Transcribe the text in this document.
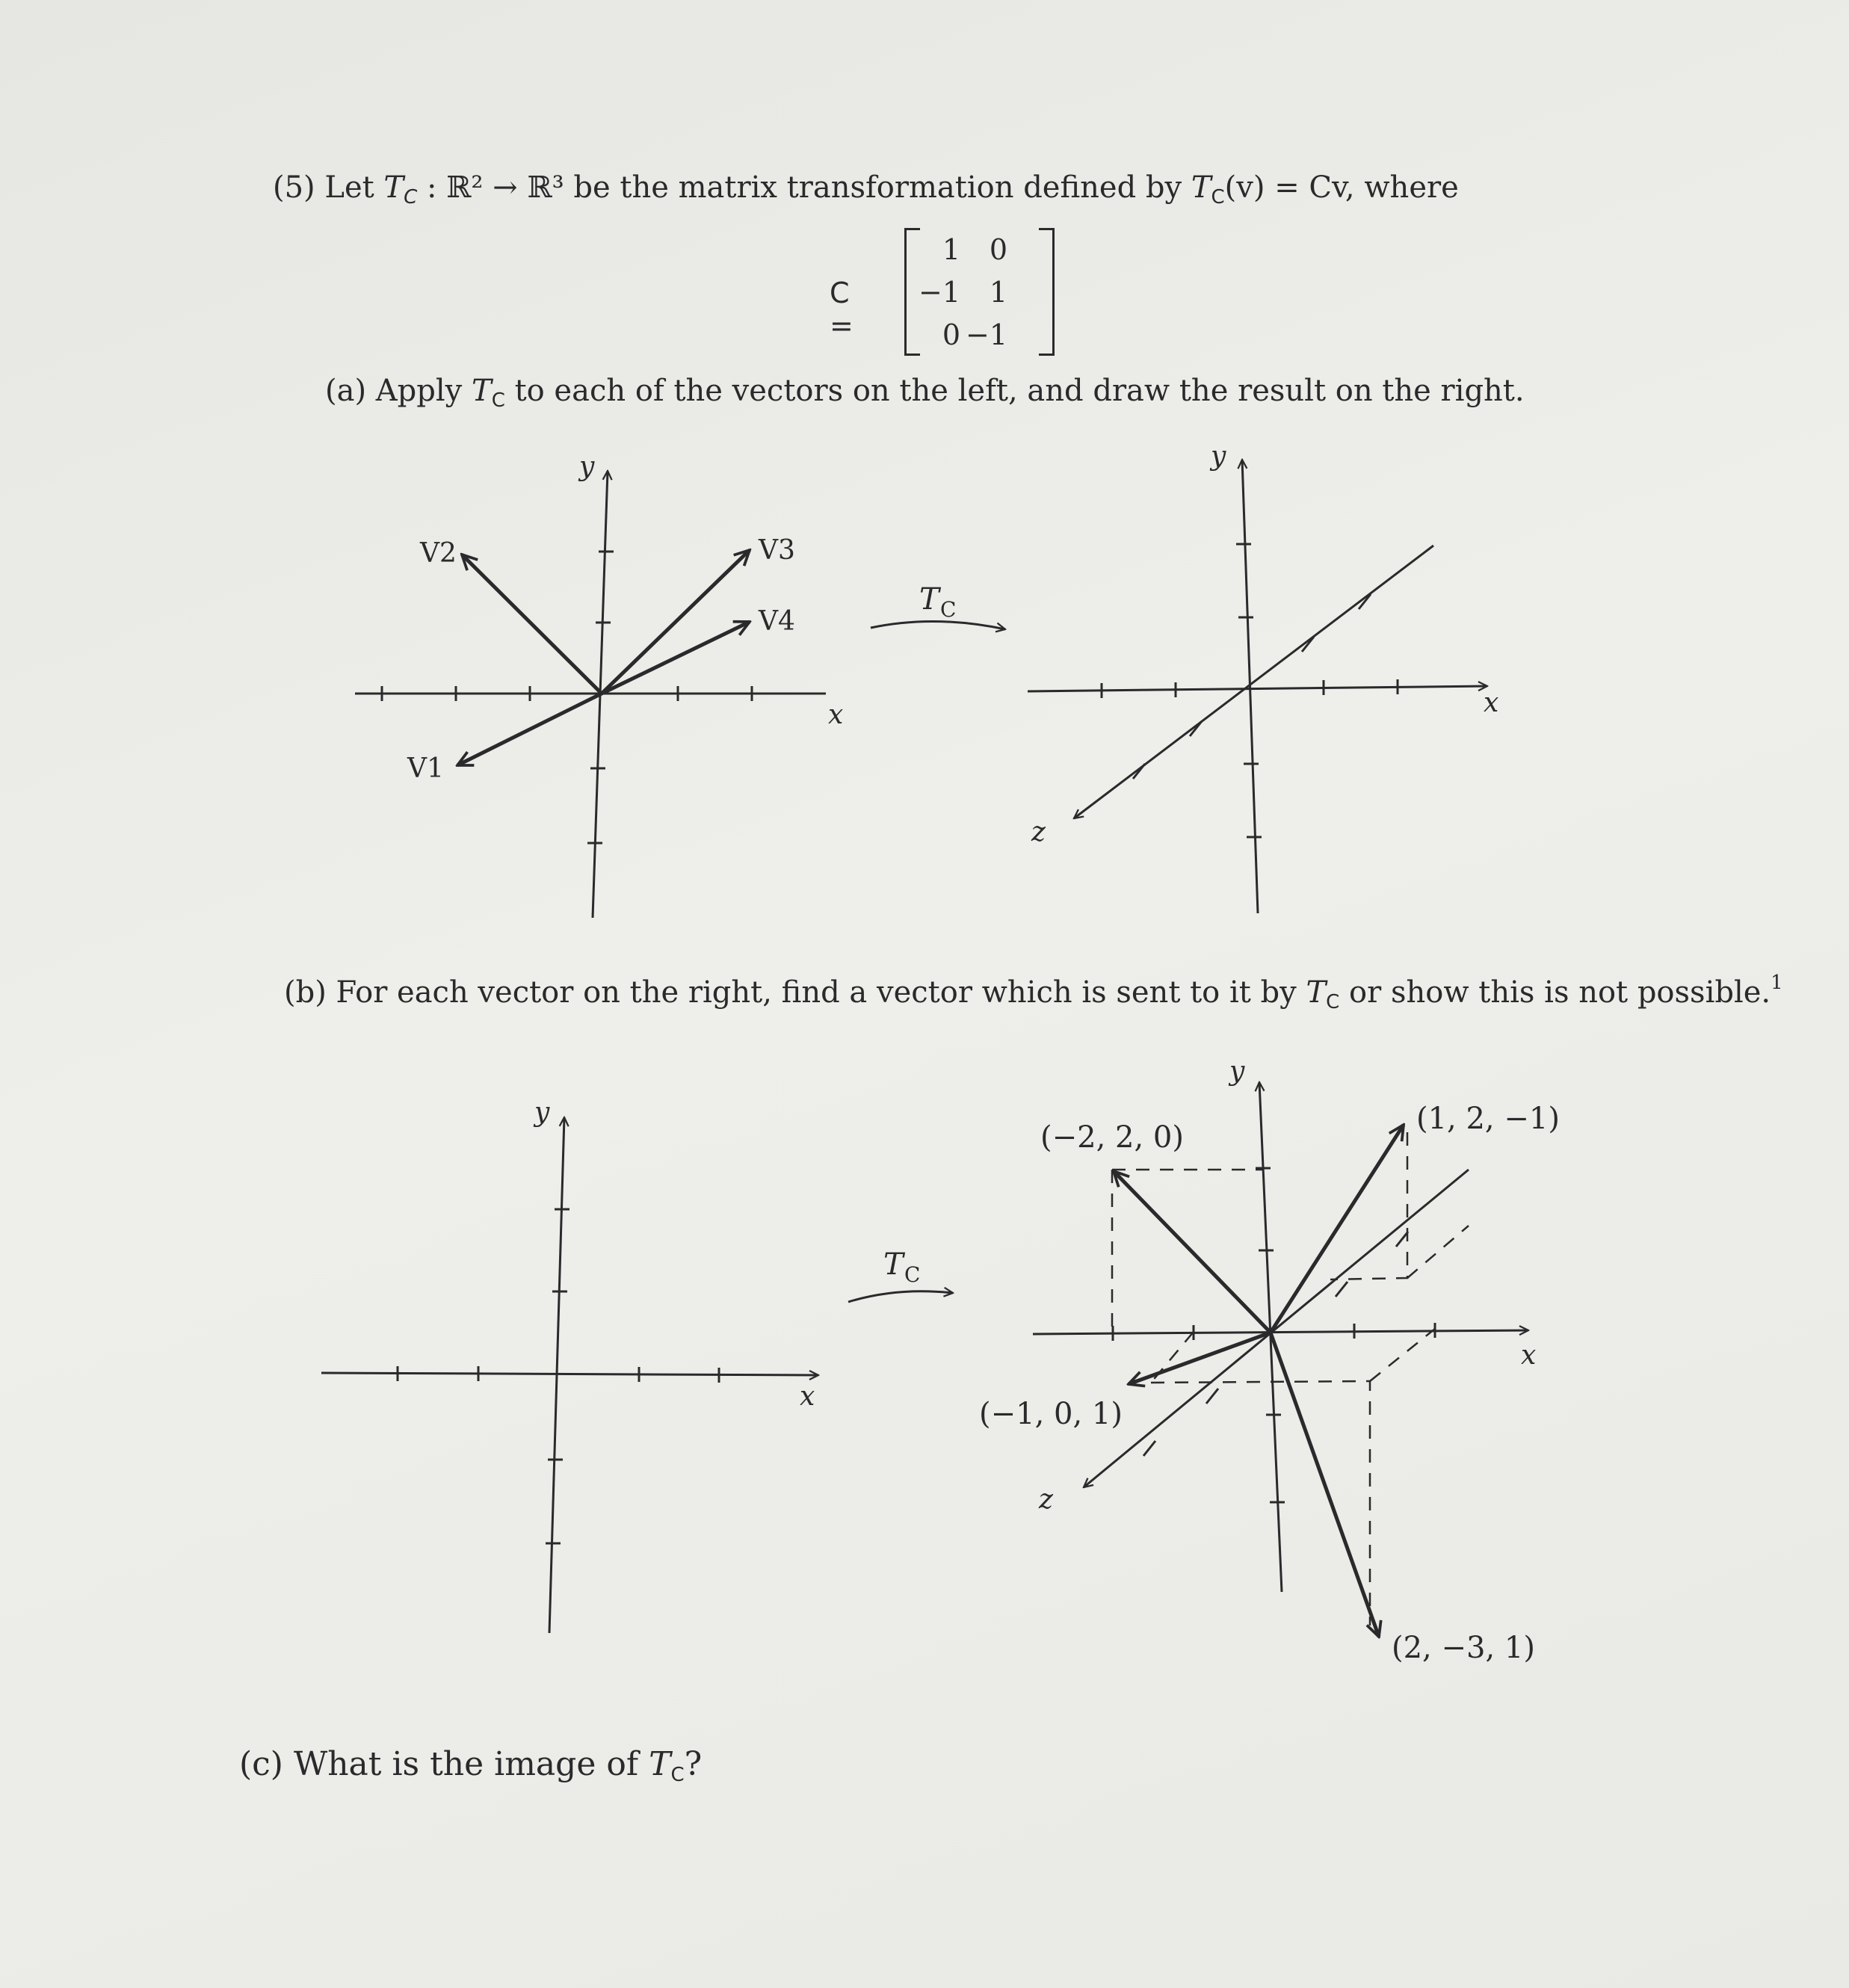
(5) Let $T_C$ : ℝ² → ℝ³ be the matrix transformation defined by $T_C(v) = Cv$, where
C =
1	0
−1	1
0	−1
(a) Apply $T_C$ to each of the vectors on the left, and draw the result on the right.
(b) For each vector on the right, find a vector which is sent to it by $T_C$ or show this is not possible.$^1$
(c) What is the image of $T_C$?
V1
V2	V3
V4
y
x
T C
y
x
z
y
x
T C
(−2, 2, 0)
(1, 2, −1)
(−1, 0, 1)
(2, −3, 1)
y
x
z
